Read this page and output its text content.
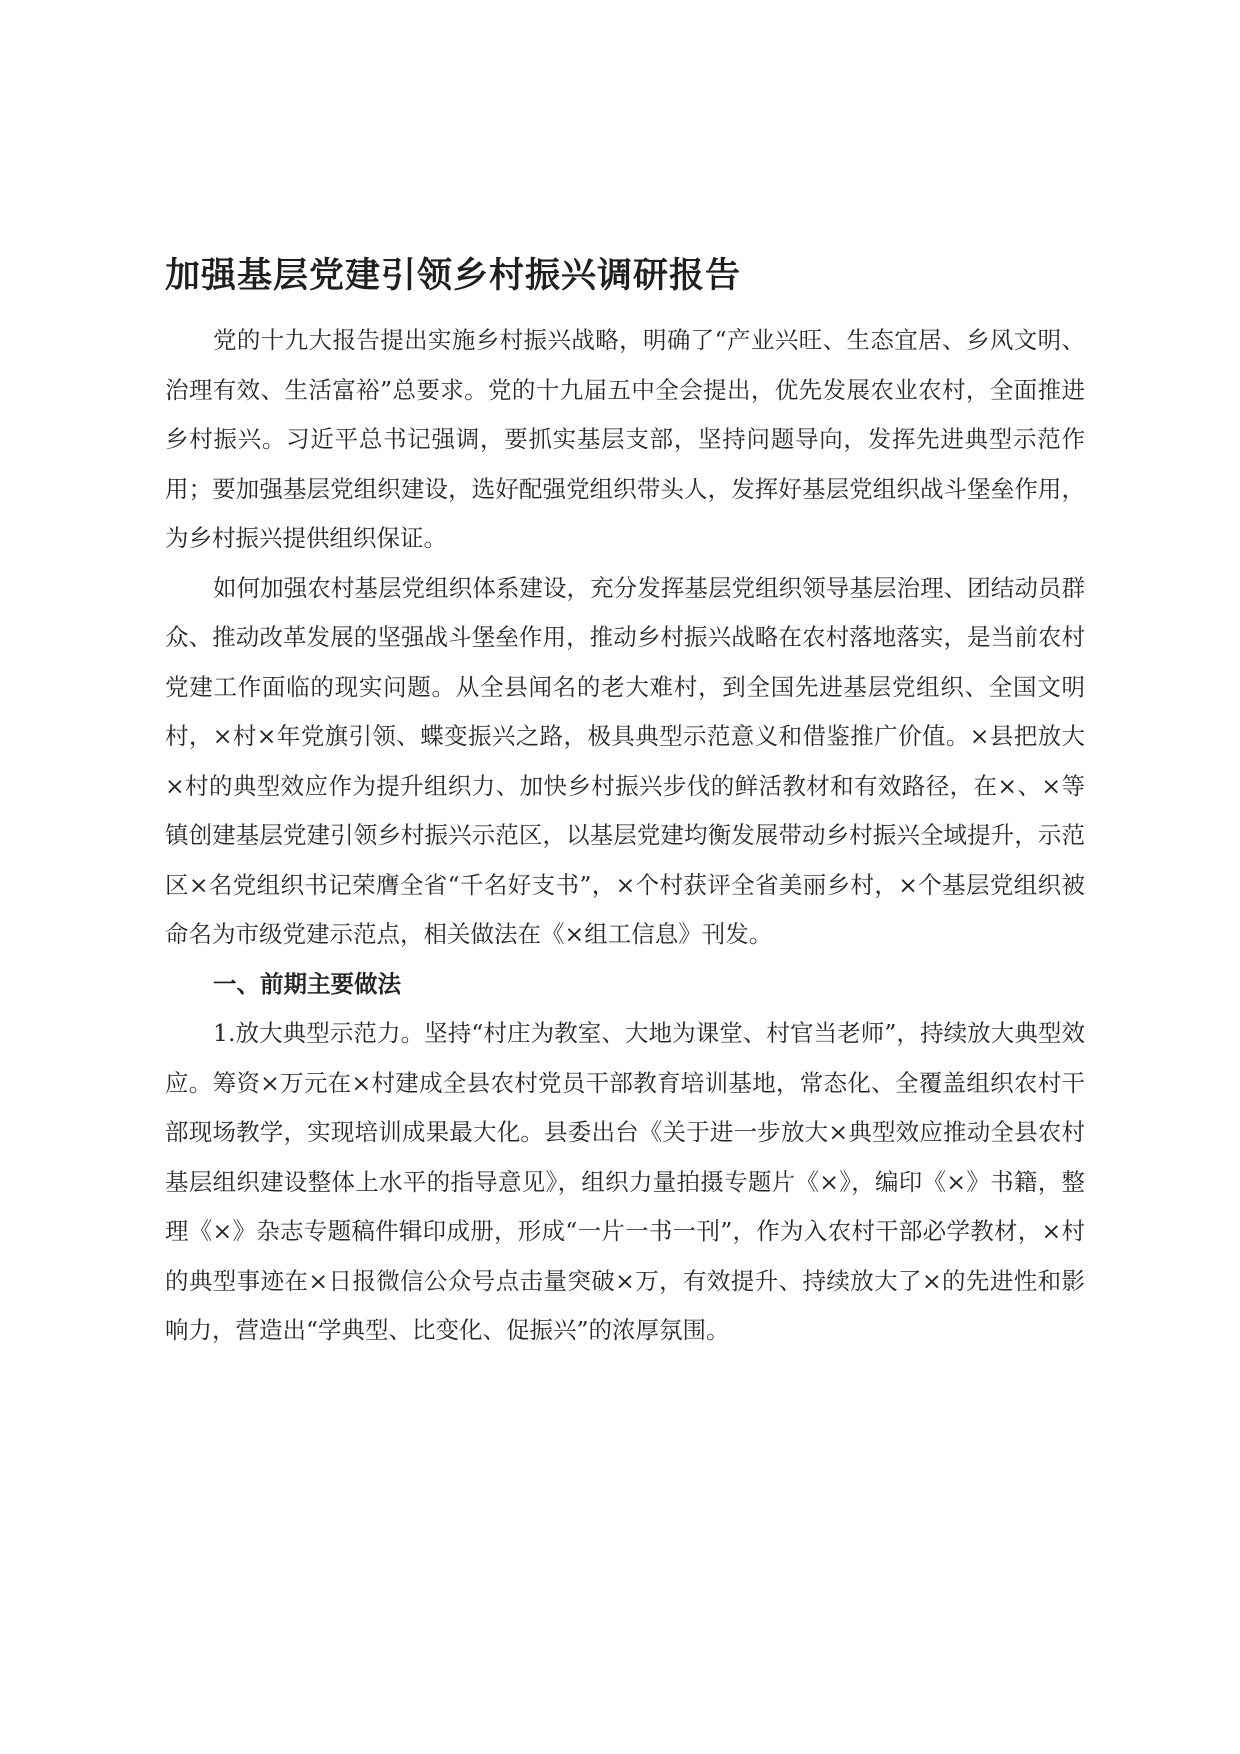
加强基层党建引领乡村振兴调研报告

党的十九大报告提出实施乡村振兴战略，明确了“产业兴旺、生态宜居、乡风文明、治理有效、生活富裕”总要求。党的十九届五中全会提出，优先发展农业农村，全面推进乡村振兴。习近平总书记强调，要抓实基层支部，坚持问题导向，发挥先进典型示范作用；要加强基层党组织建设，选好配强党组织带头人，发挥好基层党组织战斗堡垒作用，为乡村振兴提供组织保证。

如何加强农村基层党组织体系建设，充分发挥基层党组织领导基层治理、团结动员群众、推动改革发展的坚强战斗堡垒作用，推动乡村振兴战略在农村落地落实，是当前农村党建工作面临的现实问题。从全县闻名的老大难村，到全国先进基层党组织、全国文明村，×村×年党旗引领、蝶变振兴之路，极具典型示范意义和借鉴推广价值。×县把放大×村的典型效应作为提升组织力、加快乡村振兴步伐的鲜活教材和有效路径，在×、×等镇创建基层党建引领乡村振兴示范区，以基层党建均衡发展带动乡村振兴全域提升，示范区×名党组织书记荣膺全省“千名好支书”，×个村获评全省美丽乡村，×个基层党组织被命名为市级党建示范点，相关做法在《×组工信息》刊发。

一、前期主要做法

1.放大典型示范力。坚持“村庄为教室、大地为课堂、村官当老师”，持续放大典型效应。筹资×万元在×村建成全县农村党员干部教育培训基地，常态化、全覆盖组织农村干部现场教学，实现培训成果最大化。县委出台《关于进一步放大×典型效应推动全县农村基层组织建设整体上水平的指导意见》，组织力量拍摄专题片《×》，编印《×》书籍，整理《×》杂志专题稿件辑印成册，形成“一片一书一刊”，作为入农村干部必学教材，×村的典型事迹在×日报微信公众号点击量突破×万，有效提升、持续放大了×的先进性和影响力，营造出“学典型、比变化、促振兴”的浓厚氛围。
